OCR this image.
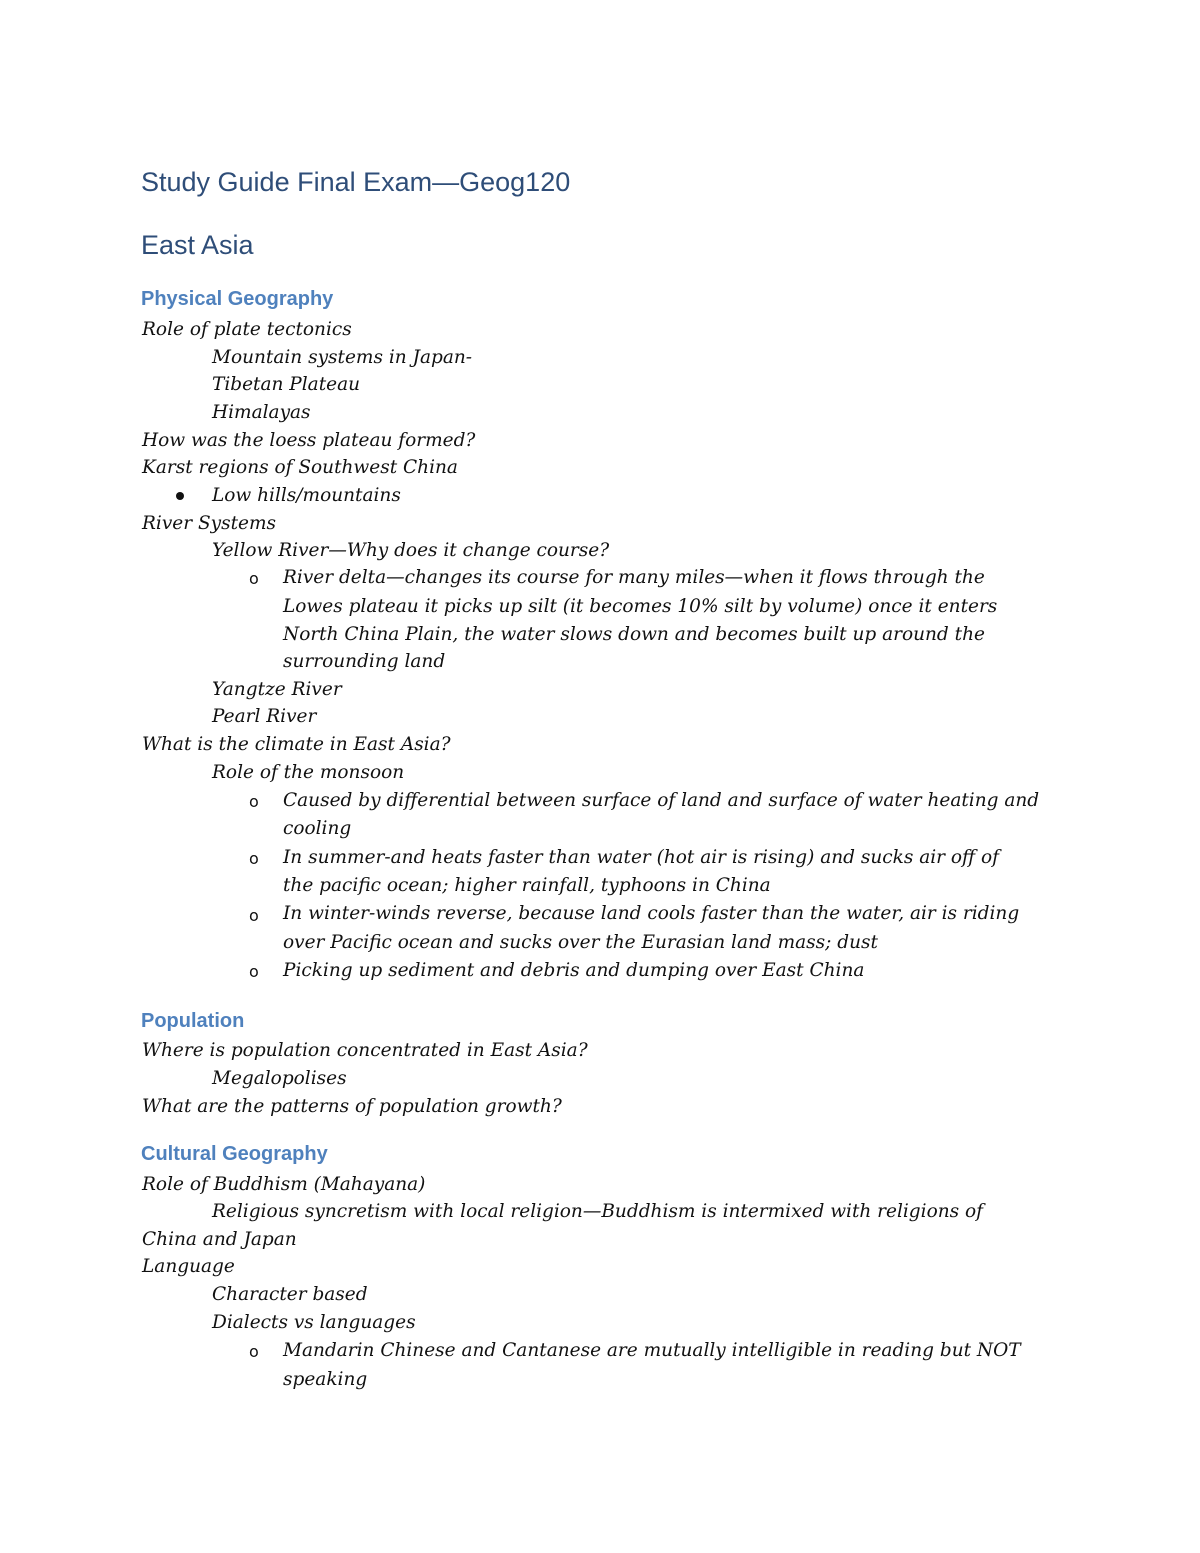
Study Guide Final Exam—Geog120
East Asia
Physical Geography
Role of plate tectonics
Mountain systems in Japan-
Tibetan Plateau
Himalayas
How was the loess plateau formed?
Karst regions of Southwest China
Low hills/mountains
River Systems
Yellow River—Why does it change course?
o River delta—changes its course for many miles—when it flows through the
Lowes plateau it picks up silt (it becomes 10% silt by volume) once it enters
North China Plain, the water slows down and becomes built up around the
surrounding land
Yangtze River
Pearl River
What is the climate in East Asia?
Role of the monsoon
o Caused by differential between surface of land and surface of water heating and
cooling
o In summer-and heats faster than water (hot air is rising) and sucks air off of
the pacific ocean; higher rainfall, typhoons in China
o In winter-winds reverse, because land cools faster than the water, air is riding
over Pacific ocean and sucks over the Eurasian land mass; dust
o Picking up sediment and debris and dumping over East China
Population
Where is population concentrated in East Asia?
Megalopolises
What are the patterns of population growth?
Cultural Geography
Role of Buddhism (Mahayana)
Religious syncretism with local religion—Buddhism is intermixed with religions of
China and Japan
Language
Character based
Dialects vs languages
o Mandarin Chinese and Cantanese are mutually intelligible in reading but NOT
speaking
